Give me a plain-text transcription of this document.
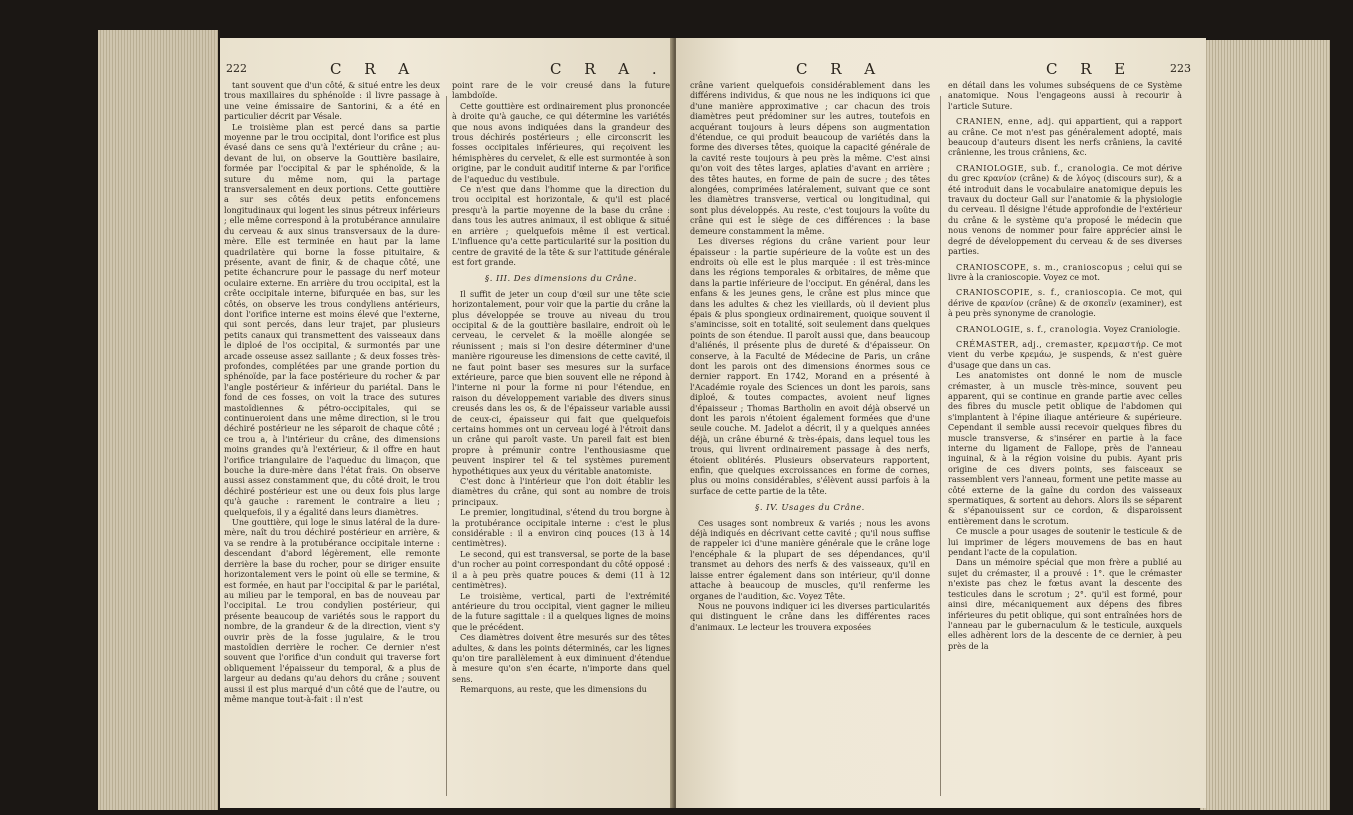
222	C R A	C R A .

tant souvent que d'un côté, & situé entre les deux trous maxillaires du sphénoïde : il livre passage à une veine émissaire de Santorini, & a été en particulier décrit par Vésale.

Le troisième plan est percé dans sa partie moyenne par le trou occipital, dont l'orifice est plus évasé dans ce sens qu'à l'extérieur du crâne ; au-devant de lui, on observe la Gouttière basilaire, formée par l'occipital & par le sphénoïde, & la suture du même nom, qui la partage transversalement en deux portions. Cette gouttière a sur ses côtés deux petits enfoncemens longitudinaux qui logent les sinus pétreux inférieurs ; elle même correspond à la protubérance annulaire du cerveau & aux sinus transversaux de la dure-mère. Elle est terminée en haut par la lame quadrilatère qui borne la fosse pituitaire, & présente, avant de finir, & de chaque côté, une petite échancrure pour le passage du nerf moteur oculaire externe. En arrière du trou occipital, est la crête occipitale interne, bifurquée en bas, sur les côtés, on observe les trous condyliens antérieurs, dont l'orifice interne est moins élevé que l'externe, qui sont percés, dans leur trajet, par plusieurs petits canaux qui transmettent des vaisseaux dans le diploé de l'os occipital, & surmontés par une arcade osseuse assez saillante ; & deux fosses très-profondes, complétées par une grande portion du sphénoïde, par la face postérieure du rocher & par l'angle postérieur & inférieur du pariétal. Dans le fond de ces fosses, on voit la trace des sutures mastoïdiennes & pétro-occipitales, qui se continueroient dans une même direction, si le trou déchiré postérieur ne les séparoit de chaque côté ; ce trou a, à l'intérieur du crâne, des dimensions moins grandes qu'à l'extérieur, & il offre en haut l'orifice triangulaire de l'aqueduc du limaçon, que bouche la dure-mère dans l'état frais. On observe aussi assez constamment que, du côté droit, le trou déchiré postérieur est une ou deux fois plus large qu'à gauche : rarement le contraire a lieu ; quelquefois, il y a égalité dans leurs diamètres.

Une gouttière, qui loge le sinus latéral de la dure-mère, naît du trou déchiré postérieur en arrière, & va se rendre à la protubérance occipitale interne : descendant d'abord légèrement, elle remonte derrière la base du rocher, pour se diriger ensuite horizontalement vers le point où elle se termine, & est formée, en haut par l'occipital & par le pariétal, au milieu par le temporal, en bas de nouveau par l'occipital. Le trou condylien postérieur, qui présente beaucoup de variétés sous le rapport du nombre, de la grandeur & de la direction, vient s'y ouvrir près de la fosse jugulaire, & le trou mastoïdien derrière le rocher. Ce dernier n'est souvent que l'orifice d'un conduit qui traverse fort obliquement l'épaisseur du temporal, & a plus de largeur au dedans qu'au dehors du crâne ; souvent aussi il est plus marqué d'un côté que de l'autre, ou même manque tout-à-fait : il n'est

point rare de le voir creusé dans la future lambdoïde.

Cette gouttière est ordinairement plus prononcée à droite qu'à gauche, ce qui détermine les variétés que nous avons indiquées dans la grandeur des trous déchirés postérieurs ; elle circonscrit les fosses occipitales inférieures, qui reçoivent les hémisphères du cervelet, & elle est surmontée à son origine, par le conduit auditif interne & par l'orifice de l'aqueduc du vestibule.

Ce n'est que dans l'homme que la direction du trou occipital est horizontale, & qu'il est placé presqu'à la partie moyenne de la base du crâne : dans tous les autres animaux, il est oblique & situé en arrière ; quelquefois même il est vertical. L'influence qu'a cette particularité sur la position du centre de gravité de la tête & sur l'attitude générale est fort grande.

§. III. Des dimensions du Crâne.

Il suffit de jeter un coup d'œil sur une tête scie horizontalement, pour voir que la partie du crâne la plus développée se trouve au niveau du trou occipital & de la gouttière basilaire, endroit où le cerveau, le cervelet & la moëlle alongée se réunissent ; mais si l'on desire déterminer d'une manière rigoureuse les dimensions de cette cavité, il ne faut point baser ses mesures sur la surface extérieure, parce que bien souvent elle ne répond à l'interne ni pour la forme ni pour l'étendue, en raison du développement variable des divers sinus creusés dans les os, & de l'épaisseur variable aussi de ceux-ci, épaisseur qui fait que quelquefois certains hommes ont un cerveau logé à l'étroit dans un crâne qui paroît vaste. Un pareil fait est bien propre à prémunir contre l'enthousiasme que peuvent inspirer tel & tel systèmes purement hypothétiques aux yeux du véritable anatomiste.

C'est donc à l'intérieur que l'on doit établir les diamètres du crâne, qui sont au nombre de trois principaux.

Le premier, longitudinal, s'étend du trou borgne à la protubérance occipitale interne : c'est le plus considérable : il a environ cinq pouces (13 à 14 centimètres).

Le second, qui est transversal, se porte de la base d'un rocher au point correspondant du côté opposé : il a à peu près quatre pouces & demi (11 à 12 centimètres).

Le troisième, vertical, parti de l'extrémité antérieure du trou occipital, vient gagner le milieu de la future sagittale : il a quelques lignes de moins que le précédent.

Ces diamètres doivent être mesurés sur des têtes adultes, & dans les points déterminés, car les lignes qu'on tire parallèlement à eux diminuent d'étendue à mesure qu'on s'en écarte, n'importe dans quel sens.

Remarquons, au reste, que les dimensions du

C R A	C R E	223

crâne varient quelquefois considérablement dans les différens individus, & que nous ne les indiquons ici que d'une manière approximative ; car chacun des trois diamètres peut prédominer sur les autres, toutefois en acquérant toujours à leurs dépens son augmentation d'étendue, ce qui produit beaucoup de variétés dans la forme des diverses têtes, quoique la capacité générale de la cavité reste toujours à peu près la même. C'est ainsi qu'on voit des têtes larges, aplaties d'avant en arrière ; des têtes hautes, en forme de pain de sucre ; des têtes alongées, comprimées latéralement, suivant que ce sont les diamètres transverse, vertical ou longitudinal, qui sont plus développés. Au reste, c'est toujours la voûte du crâne qui est le siège de ces différences : la base demeure constamment la même.

Les diverses régions du crâne varient pour leur épaisseur : la partie supérieure de la voûte est un des endroits où elle est le plus marquée : il est très-mince dans les régions temporales & orbitaires, de même que dans la partie inférieure de l'occiput. En général, dans les enfans & les jeunes gens, le crâne est plus mince que dans les adultes & chez les vieillards, où il devient plus épais & plus spongieux ordinairement, quoique souvent il s'amincisse, soit en totalité, soit seulement dans quelques points de son étendue. Il paroît aussi que, dans beaucoup d'aliénés, il présente plus de dureté & d'épaisseur. On conserve, à la Faculté de Médecine de Paris, un crâne dont les parois ont des dimensions énormes sous ce dernier rapport. En 1742, Morand en a présenté à l'Académie royale des Sciences un dont les parois, sans diploé, & toutes compactes, avoient neuf lignes d'épaisseur ; Thomas Bartholin en avoit déjà observé un dont les parois n'étoient également formées que d'une seule couche. M. Jadelot a décrit, il y a quelques années déjà, un crâne éburné & très-épais, dans lequel tous les trous, qui livrent ordinairement passage à des nerfs, étoient oblitérés. Plusieurs observateurs rapportent, enfin, que quelques excroissances en forme de cornes, plus ou moins considérables, s'élèvent aussi parfois à la surface de cette partie de la tête.

§. IV. Usages du Crâne.

Ces usages sont nombreux & variés ; nous les avons déjà indiqués en décrivant cette cavité ; qu'il nous suffise de rappeler ici d'une manière générale que le crâne loge l'encéphale & la plupart de ses dépendances, qu'il transmet au dehors des nerfs & des vaisseaux, qu'il en laisse entrer également dans son intérieur, qu'il donne attache à beaucoup de muscles, qu'il renferme les organes de l'audition, &c. Voyez Tête.

Nous ne pouvons indiquer ici les diverses particularités qui distinguent le crâne dans les différentes races d'animaux. Le lecteur les trouvera exposées

en détail dans les volumes subséquens de ce Système anatomique. Nous l'engageons aussi à recourir à l'article Suture.

CRANIEN, enne, adj. qui appartient, qui a rapport au crâne. Ce mot n'est pas généralement adopté, mais beaucoup d'auteurs disent les nerfs crâniens, la cavité crânienne, les trous crâniens, &c.

CRANIOLOGIE, sub. f., cranologia. Ce mot dérive du grec κρανίον (crâne) & de λόγος (discours sur), & a été introduit dans le vocabulaire anatomique depuis les travaux du docteur Gall sur l'anatomie & la physiologie du cerveau. Il désigne l'étude approfondie de l'extérieur du crâne & le système qu'a proposé le médecin que nous venons de nommer pour faire apprécier ainsi le degré de développement du cerveau & de ses diverses parties.

CRANIOSCOPE, s. m., cranioscopus ; celui qui se livre à la cranioscopie. Voyez ce mot.

CRANIOSCOPIE, s. f., cranioscopia. Ce mot, qui dérive de κρανίον (crâne) & de σκοπεῖν (examiner), est à peu près synonyme de cranologie.

CRANOLOGIE, s. f., cranologia. Voyez Craniologie.

CRÉMASTER, adj., cremaster, κρεμαστήρ. Ce mot vient du verbe κρεμάω, je suspends, & n'est guère d'usage que dans un cas.

Les anatomistes ont donné le nom de muscle crémaster, à un muscle très-mince, souvent peu apparent, qui se continue en grande partie avec celles des fibres du muscle petit oblique de l'abdomen qui s'implantent à l'épine iliaque antérieure & supérieure. Cependant il semble aussi recevoir quelques fibres du muscle transverse, & s'insérer en partie à la face interne du ligament de Fallope, près de l'anneau inguinal, & à la région voisine du pubis. Ayant pris origine de ces divers points, ses faisceaux se rassemblent vers l'anneau, forment une petite masse au côté externe de la gaîne du cordon des vaisseaux spermatiques, & sortent au dehors. Alors ils se séparent & s'épanouissent sur ce cordon, & disparoissent entièrement dans le scrotum.

Ce muscle a pour usages de soutenir le testicule & de lui imprimer de légers mouvemens de bas en haut pendant l'acte de la copulation.

Dans un mémoire spécial que mon frère a publié au sujet du crémaster, il a prouvé : 1°. que le crémaster n'existe pas chez le fœtus avant la descente des testicules dans le scrotum ; 2°. qu'il est formé, pour ainsi dire, mécaniquement aux dépens des fibres inférieures du petit oblique, qui sont entraînées hors de l'anneau par le gubernaculum & le testicule, auxquels elles adhèrent lors de la descente de ce dernier, à peu près de la
